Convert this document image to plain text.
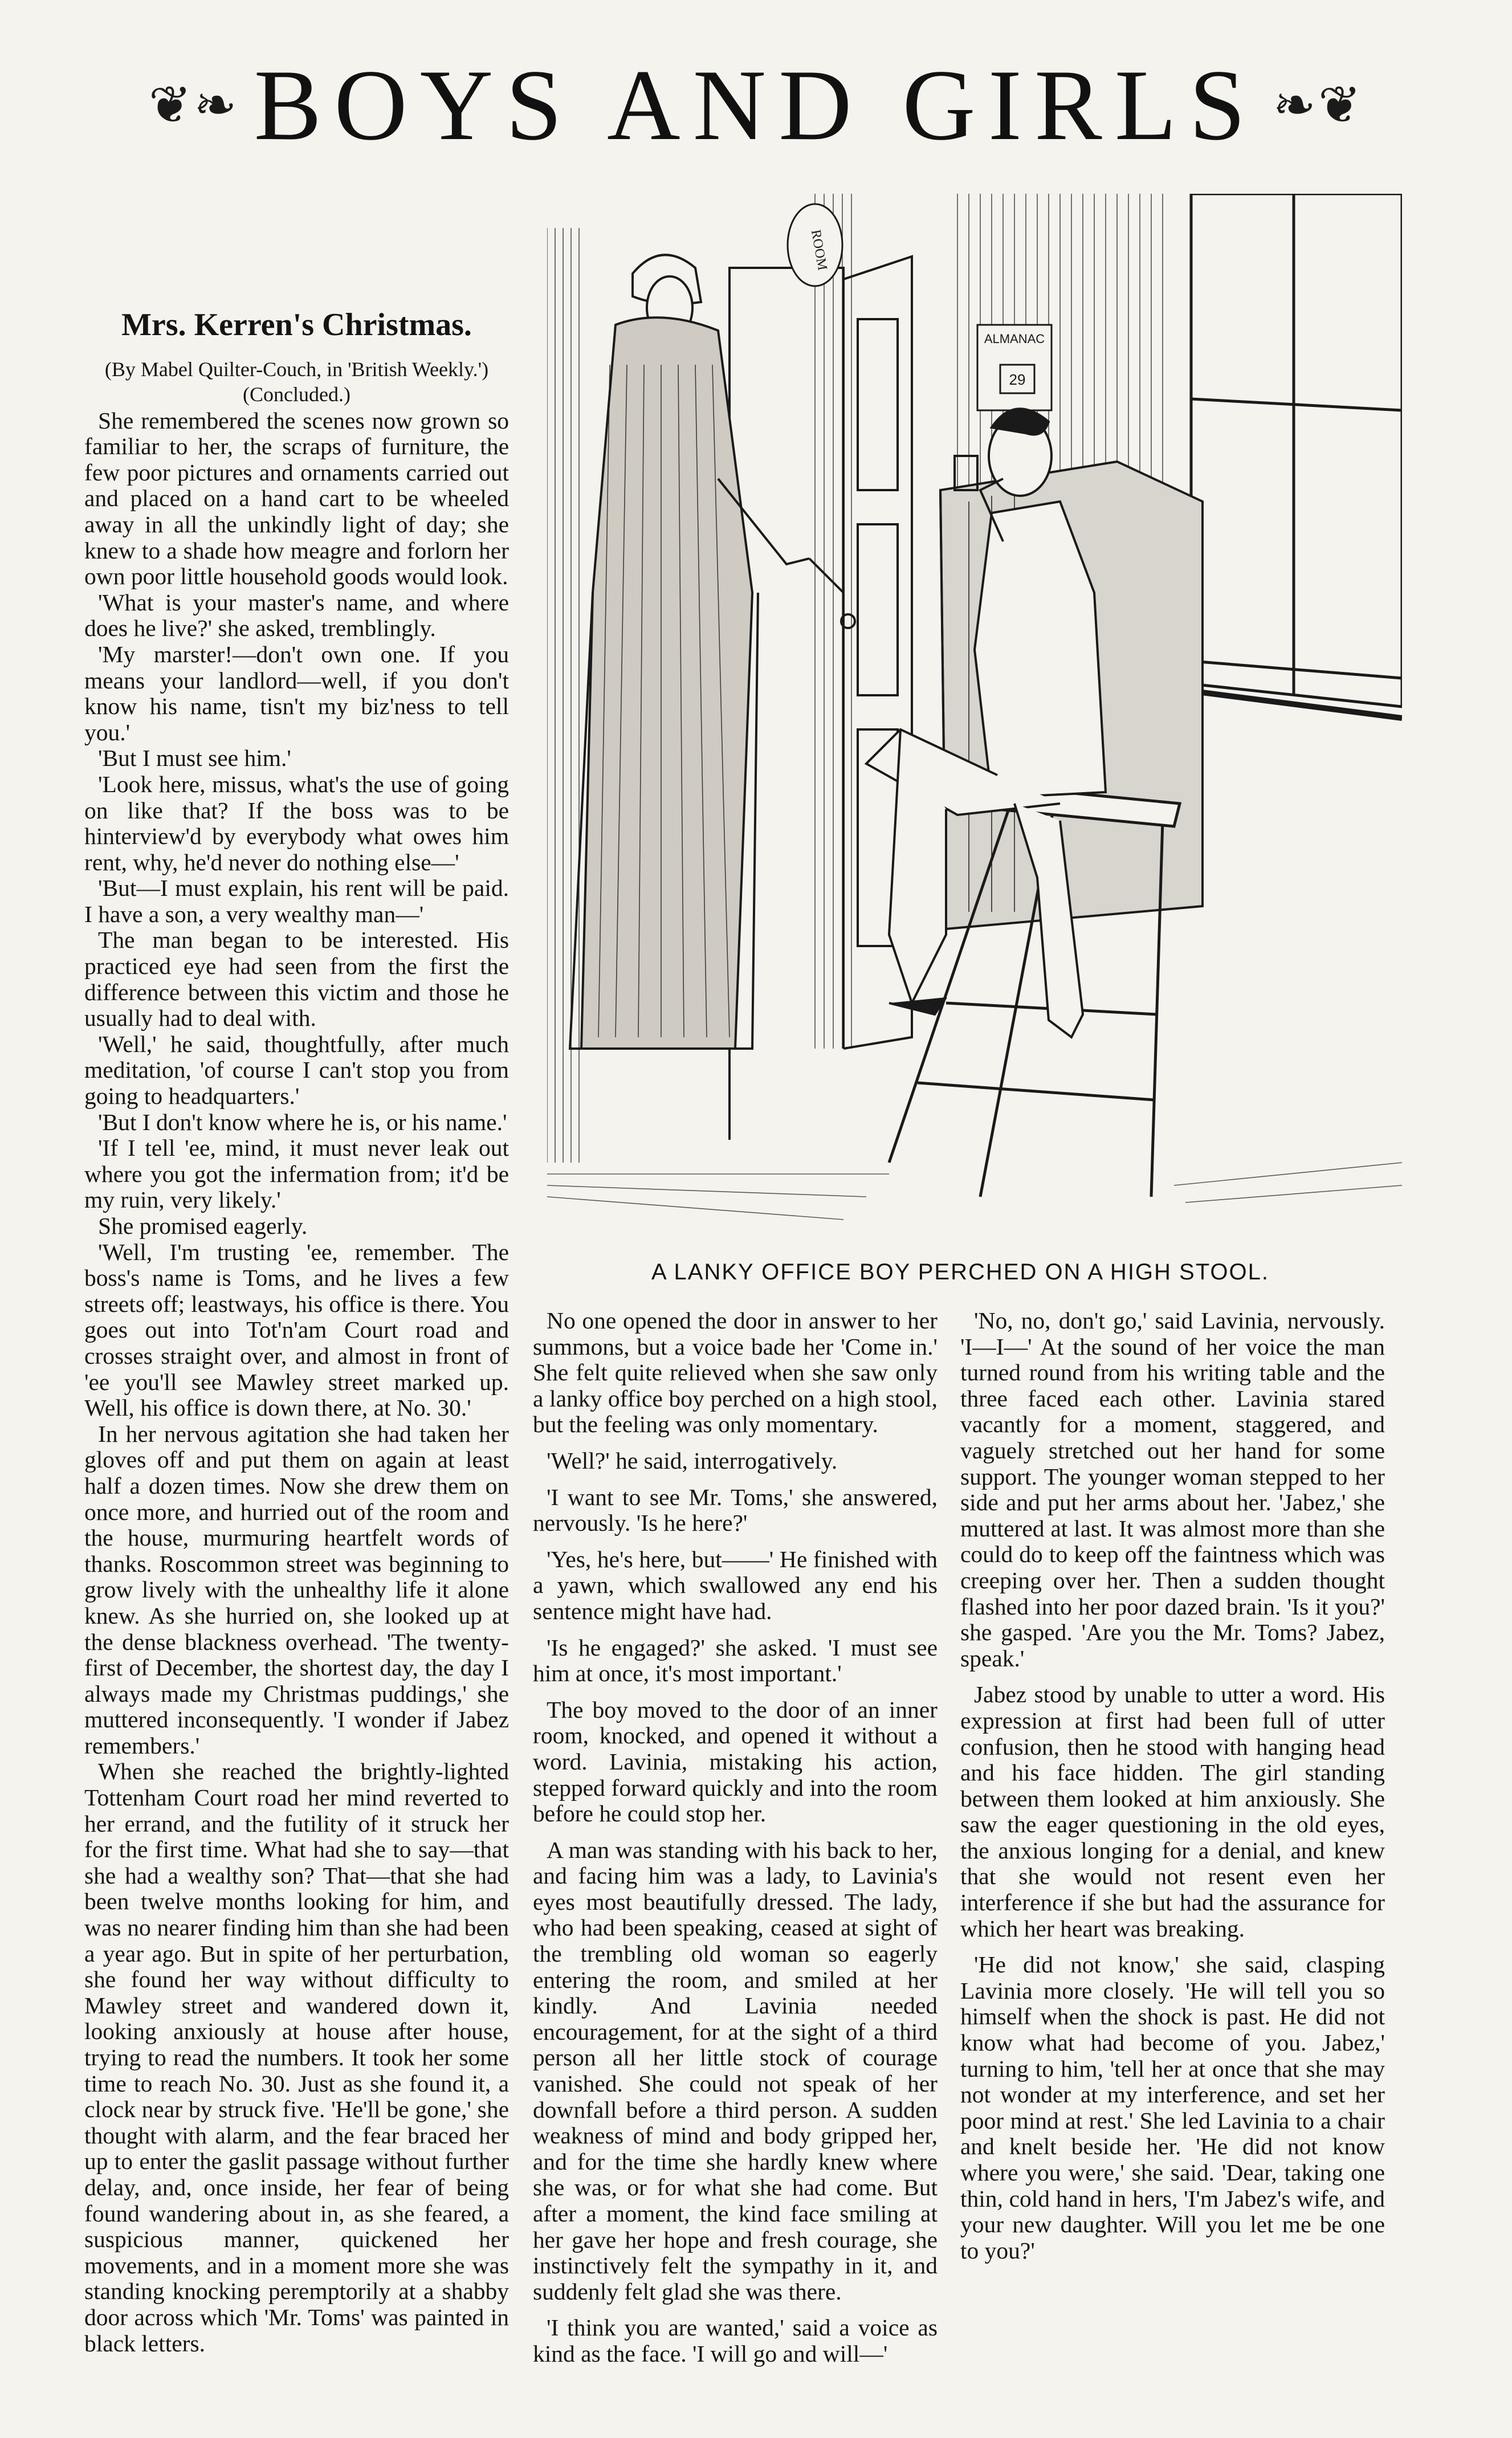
❦❧ BOYS AND GIRLS ❧❦
Mrs. Kerren's Christmas.

(By Mabel Quilter-Couch, in 'British Weekly.')

(Concluded.)

She remembered the scenes now grown so familiar to her, the scraps of furniture, the few poor pictures and ornaments carried out and placed on a hand cart to be wheeled away in all the unkindly light of day; she knew to a shade how meagre and forlorn her own poor little household goods would look.

'What is your master's name, and where does he live?' she asked, tremblingly.

'My marster!—don't own one. If you means your landlord—well, if you don't know his name, tisn't my biz'ness to tell you.'

'But I must see him.'

'Look here, missus, what's the use of going on like that? If the boss was to be hinterview'd by everybody what owes him rent, why, he'd never do nothing else—'

'But—I must explain, his rent will be paid. I have a son, a very wealthy man—'

The man began to be interested. His practiced eye had seen from the first the difference between this victim and those he usually had to deal with.

'Well,' he said, thoughtfully, after much meditation, 'of course I can't stop you from going to headquarters.'

'But I don't know where he is, or his name.'

'If I tell 'ee, mind, it must never leak out where you got the infermation from; it'd be my ruin, very likely.'

She promised eagerly.

'Well, I'm trusting 'ee, remember. The boss's name is Toms, and he lives a few streets off; leastways, his office is there. You goes out into Tot'n'am Court road and crosses straight over, and almost in front of 'ee you'll see Mawley street marked up. Well, his office is down there, at No. 30.'

In her nervous agitation she had taken her gloves off and put them on again at least half a dozen times. Now she drew them on once more, and hurried out of the room and the house, murmuring heartfelt words of thanks. Roscommon street was beginning to grow lively with the unhealthy life it alone knew. As she hurried on, she looked up at the dense blackness overhead. 'The twenty-first of December, the shortest day, the day I always made my Christmas puddings,' she muttered inconsequently. 'I wonder if Jabez remembers.'

When she reached the brightly-lighted Tottenham Court road her mind reverted to her errand, and the futility of it struck her for the first time. What had she to say—that she had a wealthy son? That—that she had been twelve months looking for him, and was no nearer finding him than she had been a year ago. But in spite of her perturbation, she found her way without difficulty to Mawley street and wandered down it, looking anxiously at house after house, trying to read the numbers. It took her some time to reach No. 30. Just as she found it, a clock near by struck five. 'He'll be gone,' she thought with alarm, and the fear braced her up to enter the gaslit passage without further delay, and, once inside, her fear of being found wandering about in, as she feared, a suspicious manner, quickened her movements, and in a moment more she was standing knocking peremptorily at a shabby door across which 'Mr. Toms' was painted in black letters.

ROOM
ALMANAC
29
A LANKY OFFICE BOY PERCHED ON A HIGH STOOL.

No one opened the door in answer to her summons, but a voice bade her 'Come in.' She felt quite relieved when she saw only a lanky office boy perched on a high stool, but the feeling was only momentary.

'Well?' he said, interrogatively.

'I want to see Mr. Toms,' she answered, nervously. 'Is he here?'

'Yes, he's here, but——' He finished with a yawn, which swallowed any end his sentence might have had.

'Is he engaged?' she asked. 'I must see him at once, it's most important.'

The boy moved to the door of an inner room, knocked, and opened it without a word. Lavinia, mistaking his action, stepped forward quickly and into the room before he could stop her.

A man was standing with his back to her, and facing him was a lady, to Lavinia's eyes most beautifully dressed. The lady, who had been speaking, ceased at sight of the trembling old woman so eagerly entering the room, and smiled at her kindly. And Lavinia needed encouragement, for at the sight of a third person all her little stock of courage vanished. She could not speak of her downfall before a third person. A sudden weakness of mind and body gripped her, and for the time she hardly knew where she was, or for what she had come. But after a moment, the kind face smiling at her gave her hope and fresh courage, she instinctively felt the sympathy in it, and suddenly felt glad she was there.

'I think you are wanted,' said a voice as kind as the face. 'I will go and will—'

'No, no, don't go,' said Lavinia, nervously. 'I—I—' At the sound of her voice the man turned round from his writing table and the three faced each other. Lavinia stared vacantly for a moment, staggered, and vaguely stretched out her hand for some support. The younger woman stepped to her side and put her arms about her. 'Jabez,' she muttered at last. It was almost more than she could do to keep off the faintness which was creeping over her. Then a sudden thought flashed into her poor dazed brain. 'Is it you?' she gasped. 'Are you the Mr. Toms? Jabez, speak.'

Jabez stood by unable to utter a word. His expression at first had been full of utter confusion, then he stood with hanging head and his face hidden. The girl standing between them looked at him anxiously. She saw the eager questioning in the old eyes, the anxious longing for a denial, and knew that she would not resent even her interference if she but had the assurance for which her heart was breaking.

'He did not know,' she said, clasping Lavinia more closely. 'He will tell you so himself when the shock is past. He did not know what had become of you. Jabez,' turning to him, 'tell her at once that she may not wonder at my interference, and set her poor mind at rest.' She led Lavinia to a chair and knelt beside her. 'He did not know where you were,' she said. 'Dear, taking one thin, cold hand in hers, 'I'm Jabez's wife, and your new daughter. Will you let me be one to you?'
